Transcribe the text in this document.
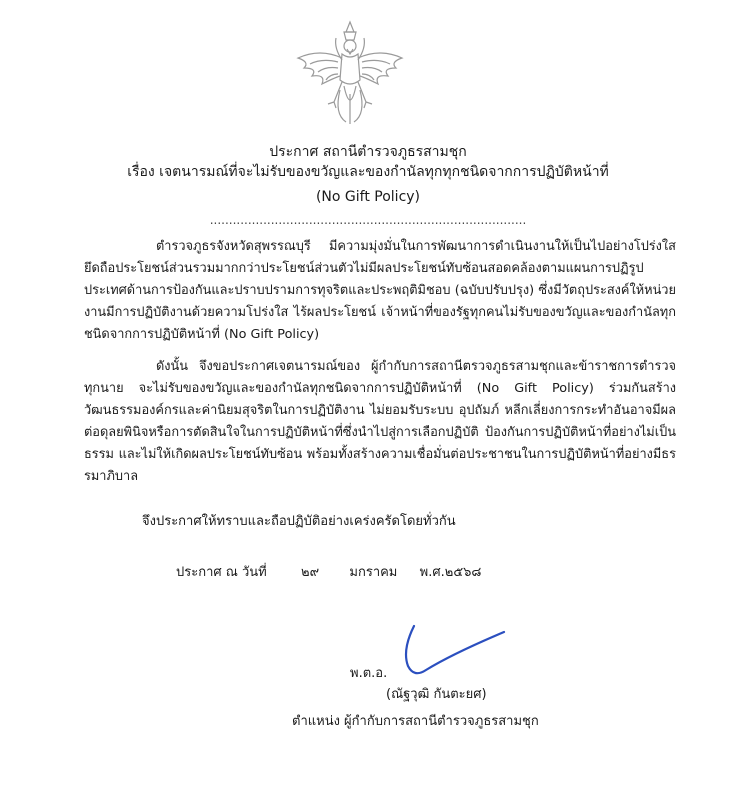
ประกาศ สถานีตำรวจภูธรสามชุก
เรื่อง เจตนารมณ์ที่จะไม่รับของขวัญและของกำนัลทุกทุกชนิดจากการปฏิบัติหน้าที่
(No Gift Policy)
...................................................................................
ตำรวจภูธรจังหวัดสุพรรณบุรี มีความมุ่งมั่นในการพัฒนาการดำเนินงานให้เป็นไปอย่างโปร่งใส ยึดถือประโยชน์ส่วนรวมมากกว่าประโยชน์ส่วนตัวไม่มีผลประโยชน์ทับซ้อนสอดคล้องตามแผนการปฏิรูปประเทศด้านการป้องกันและปราบปรามการทุจริตและประพฤติมิชอบ (ฉบับปรับปรุง) ซึ่งมีวัตถุประสงค์ให้หน่วยงานมีการปฏิบัติงานด้วยความโปร่งใส ไร้ผลประโยชน์ เจ้าหน้าที่ของรัฐทุกคนไม่รับของขวัญและของกำนัลทุกชนิดจากการปฏิบัติหน้าที่ (No Gift Policy)
ดังนั้น จึงขอประกาศเจตนารมณ์ของ ผู้กำกับการสถานีตรวจภูธรสามชุกและข้าราชการตำรวจทุกนาย จะไม่รับของขวัญและของกำนัลทุกชนิดจากการปฏิบัติหน้าที่ (No Gift Policy) ร่วมกันสร้างวัฒนธรรมองค์กรและค่านิยมสุจริตในการปฏิบัติงาน ไม่ยอมรับระบบ อุปถัมภ์ หลีกเลี่ยงการกระทำอันอาจมีผลต่อดุลยพินิจหรือการตัดสินใจในการปฏิบัติหน้าที่ซึ่งนำไปสู่การเลือกปฏิบัติ ป้องกันการปฏิบัติหน้าที่อย่างไม่เป็นธรรม และไม่ให้เกิดผลประโยชน์ทับซ้อน พร้อมทั้งสร้างความเชื่อมั่นต่อประชาชนในการปฏิบัติหน้าที่อย่างมีธรรมาภิบาล
จึงประกาศให้ทราบและถือปฏิบัติอย่างเคร่งครัดโดยทั่วกัน
ประกาศ ณ วันที่	๒๙ มกราคม พ.ศ.๒๕๖๘
พ.ต.อ.
(ณัฐวุฒิ กันตะยศ)
ตำแหน่ง ผู้กำกับการสถานีตำรวจภูธรสามชุก
